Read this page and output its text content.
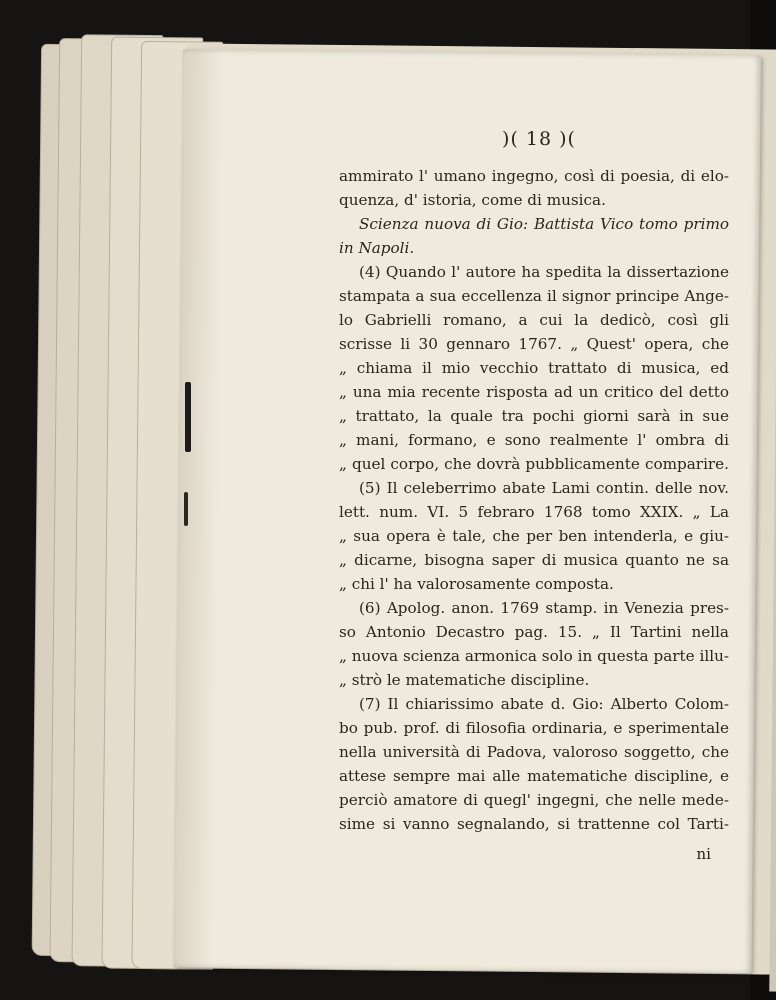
)( 18 )(
ammirato l' umano ingegno, così di poesia, di elo-
quenza, d' istoria, come di musica.
Scienza nuova di Gio: Battista Vico tomo primo
in Napoli.
(4) Quando l' autore ha spedita la dissertazione
stampata a sua eccellenza il signor principe Ange-
lo Gabrielli romano, a cui la dedicò, così gli
scrisse li 30 gennaro 1767. „ Quest' opera, che
„ chiama il mio vecchio trattato di musica, ed
„ una mia recente risposta ad un critico del detto
„ trattato, la quale tra pochi giorni sarà in sue
„ mani, formano, e sono realmente l' ombra di
„ quel corpo, che dovrà pubblicamente comparire.
(5) Il celeberrimo abate Lami contin. delle nov.
lett. num. VI. 5 febraro 1768 tomo XXIX. „ La
„ sua opera è tale, che per ben intenderla, e giu-
„ dicarne, bisogna saper di musica quanto ne sa
„ chi l' ha valorosamente composta.
(6) Apolog. anon. 1769 stamp. in Venezia pres-
so Antonio Decastro pag. 15. „ Il Tartini nella
„ nuova scienza armonica solo in questa parte illu-
„ strò le matematiche discipline.
(7) Il chiarissimo abate d. Gio: Alberto Colom-
bo pub. prof. di filosofia ordinaria, e sperimentale
nella università di Padova, valoroso soggetto, che
attese sempre mai alle matematiche discipline, e
perciò amatore di quegl' ingegni, che nelle mede-
sime si vanno segnalando, si trattenne col Tarti-
ni
